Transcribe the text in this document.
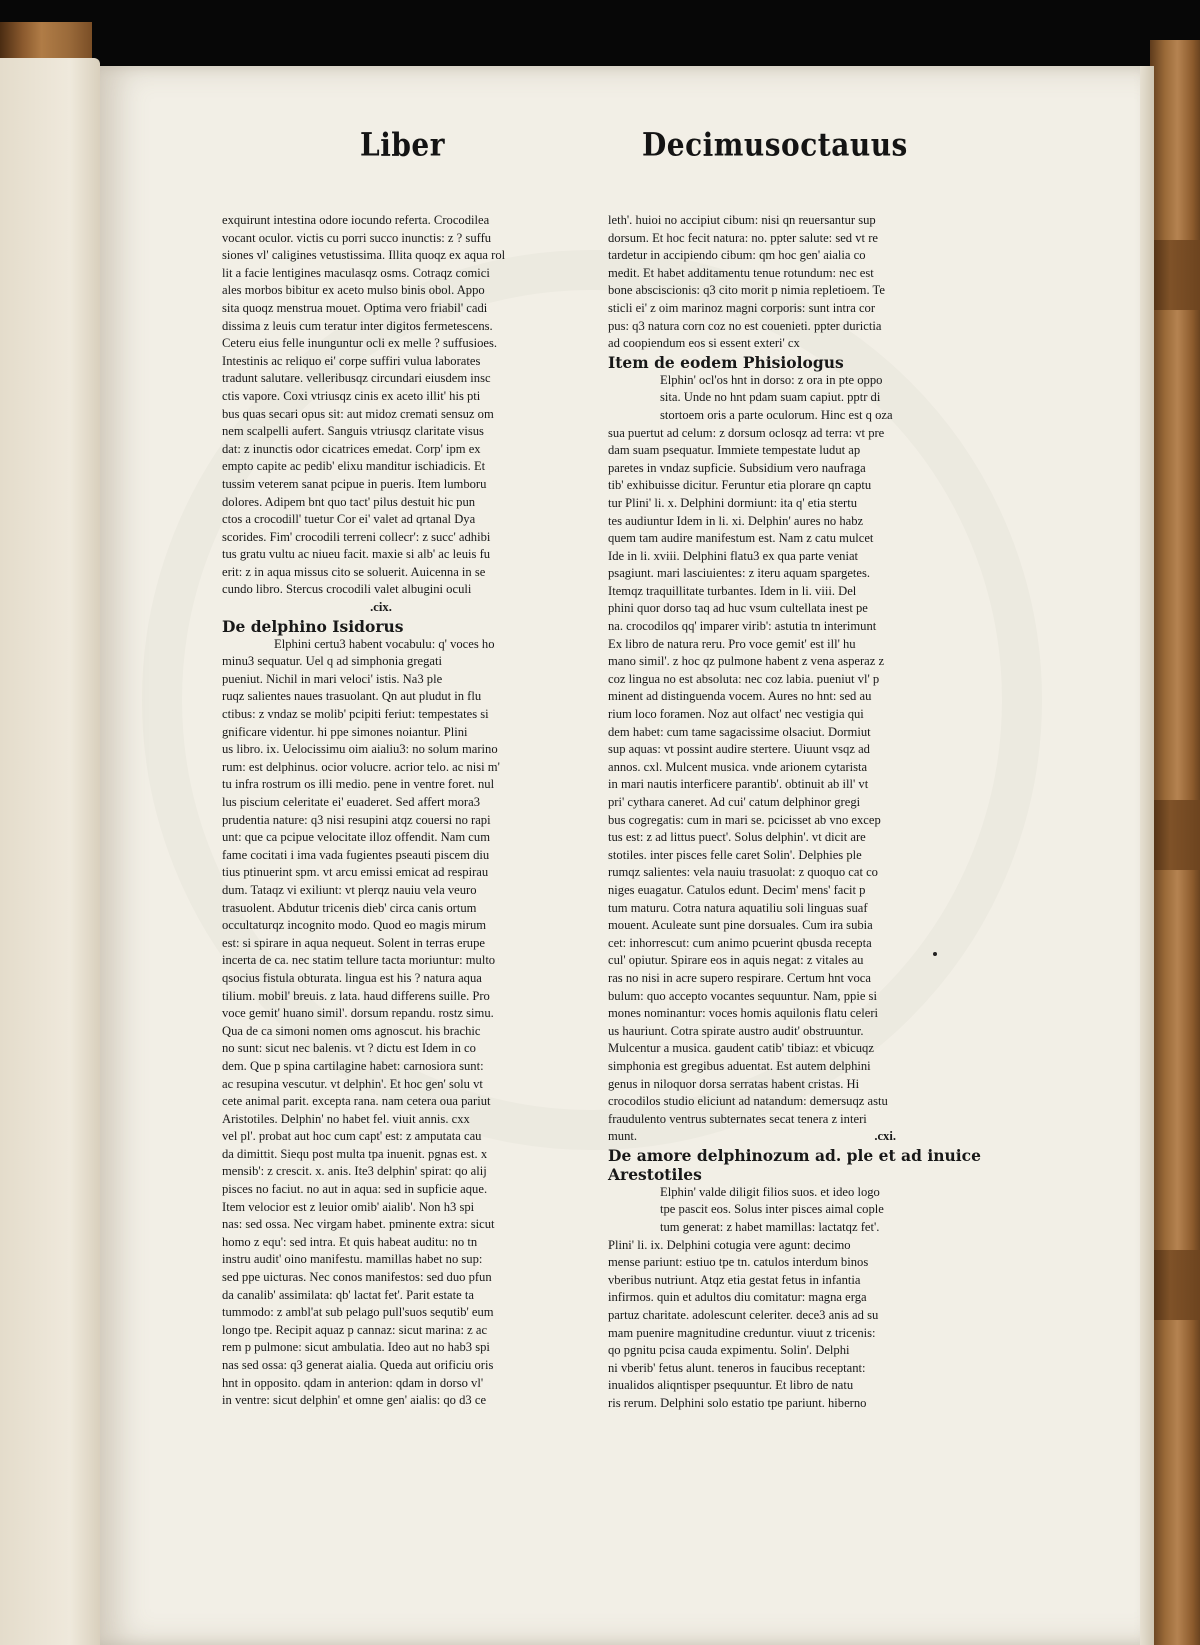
Liber	Decimusoctauus
exquirunt intestina odore iocundo referta. Crocodilea
vocant oculor. victis cu porri succo inunctis: z ? suffu
siones vl' caligines vetustissima. Illita quoqz ex aqua rol
lit a facie lentigines maculasqz osms. Cotraqz comici
ales morbos bibitur ex aceto mulso binis obol. Appo
sita quoqz menstrua mouet. Optima vero friabil' cadi
dissima z leuis cum teratur inter digitos fermetescens.
Ceteru eius felle inunguntur ocli ex melle ? suffusioes.
Intestinis ac reliquo ei' corpe suffiri vulua laborates
tradunt salutare. velleribusqz circundari eiusdem insc
ctis vapore. Coxi vtriusqz cinis ex aceto illit' his pti
bus quas secari opus sit: aut midoz cremati sensuz om
nem scalpelli aufert. Sanguis vtriusqz claritate visus
dat: z inunctis odor cicatrices emedat. Corp' ipm ex
empto capite ac pedib' elixu manditur ischiadicis. Et
tussim veterem sanat pcipue in pueris. Item lumboru
dolores. Adipem bnt quo tact' pilus destuit hic pun
ctos a crocodill' tuetur Cor ei' valet ad qrtanal Dya
scorides. Fim' crocodili terreni collecr': z succ' adhibi
tus gratu vultu ac niueu facit. maxie si alb' ac leuis fu
erit: z in aqua missus cito se soluerit. Auicenna in se
cundo libro. Stercus crocodili valet albugini oculi
.cix.
De delphino Isidorus
Elphini certu3 habent vocabulu: q' voces ho
minu3 sequatur. Uel q ad simphonia gregati
pueniut. Nichil in mari veloci' istis. Na3 ple
ruqz salientes naues trasuolant. Qn aut pludut in flu
ctibus: z vndaz se molib' pcipiti feriut: tempestates si
gnificare videntur. hi ppe simones noiantur. Plini
us libro. ix. Uelocissimu oim aialiu3: no solum marino
rum: est delphinus. ocior volucre. acrior telo. ac nisi m'
tu infra rostrum os illi medio. pene in ventre foret. nul
lus piscium celeritate ei' euaderet. Sed affert mora3
prudentia nature: q3 nisi resupini atqz couersi no rapi
unt: que ca pcipue velocitate illoz offendit. Nam cum
fame cocitati i ima vada fugientes pseauti piscem diu
tius ptinuerint spm. vt arcu emissi emicat ad respirau
dum. Tataqz vi exiliunt: vt plerqz nauiu vela veuro
trasuolent. Abdutur tricenis dieb' circa canis ortum
occultaturqz incognito modo. Quod eo magis mirum
est: si spirare in aqua nequeut. Solent in terras erupe
incerta de ca. nec statim tellure tacta moriuntur: multo
qsocius fistula obturata. lingua est his ? natura aqua
tilium. mobil' breuis. z lata. haud differens suille. Pro
voce gemit' huano simil'. dorsum repandu. rostz simu.
Qua de ca simoni nomen oms agnoscut. his brachic
no sunt: sicut nec balenis. vt ? dictu est Idem in co
dem. Que p spina cartilagine habet: carnosiora sunt:
ac resupina vescutur. vt delphin'. Et hoc gen' solu vt
cete animal parit. excepta rana. nam cetera oua pariut
Aristotiles. Delphin' no habet fel. viuit annis. cxx
vel pl'. probat aut hoc cum capt' est: z amputata cau
da dimittit. Siequ post multa tpa inuenit. pgnas est. x
mensib': z crescit. x. anis. Ite3 delphin' spirat: qo alij
pisces no faciut. no aut in aqua: sed in supficie aque.
Item velocior est z leuior omib' aialib'. Non h3 spi
nas: sed ossa. Nec virgam habet. pminente extra: sicut
homo z equ': sed intra. Et quis habeat auditu: no tn
instru audit' oino manifestu. mamillas habet no sup:
sed ppe uicturas. Nec conos manifestos: sed duo pfun
da canalib' assimilata: qb' lactat fet'. Parit estate ta
tummodo: z ambl'at sub pelago pull'suos sequtib' eum
longo tpe. Recipit aquaz p cannaz: sicut marina: z ac
rem p pulmone: sicut ambulatia. Ideo aut no hab3 spi
nas sed ossa: q3 generat aialia. Queda aut orificiu oris
hnt in opposito. qdam in anterion: qdam in dorso vl'
in ventre: sicut delphin' et omne gen' aialis: qo d3 ce
leth'. huioi no accipiut cibum: nisi qn reuersantur sup
dorsum. Et hoc fecit natura: no. ppter salute: sed vt re
tardetur in accipiendo cibum: qm hoc gen' aialia co
medit. Et habet additamentu tenue rotundum: nec est
bone absciscionis: q3 cito morit p nimia repletioem. Te
sticli ei' z oim marinoz magni corporis: sunt intra cor
pus: q3 natura corn coz no est couenieti. ppter durictia
ad coopiendum eos si essent exteri' cx
Item de eodem Phisiologus
Elphin' ocl'os hnt in dorso: z ora in pte oppo
sita. Unde no hnt pdam suam capiut. pptr di
stortoem oris a parte oculorum. Hinc est q oza
sua puertut ad celum: z dorsum oclosqz ad terra: vt pre
dam suam psequatur. Immiete tempestate ludut ap
paretes in vndaz supficie. Subsidium vero naufraga
tib' exhibuisse dicitur. Feruntur etia plorare qn captu
tur Plini' li. x. Delphini dormiunt: ita q' etia stertu
tes audiuntur Idem in li. xi. Delphin' aures no habz
quem tam audire manifestum est. Nam z catu mulcet
Ide in li. xviii. Delphini flatu3 ex qua parte veniat
psagiunt. mari lasciuientes: z iteru aquam spargetes.
Itemqz traquillitate turbantes. Idem in li. viii. Del
phini quor dorso taq ad huc vsum cultellata inest pe
na. crocodilos qq' imparer virib': astutia tn interimunt
Ex libro de natura reru. Pro voce gemit' est ill' hu
mano simil'. z hoc qz pulmone habent z vena asperaz z
coz lingua no est absoluta: nec coz labia. pueniut vl' p
minent ad distinguenda vocem. Aures no hnt: sed au
rium loco foramen. Noz aut olfact' nec vestigia qui
dem habet: cum tame sagacissime olsaciut. Dormiut
sup aquas: vt possint audire stertere. Uiuunt vsqz ad
annos. cxl. Mulcent musica. vnde arionem cytarista
in mari nautis interficere parantib'. obtinuit ab ill' vt
pri' cythara caneret. Ad cui' catum delphinor gregi
bus cogregatis: cum in mari se. pcicisset ab vno excep
tus est: z ad littus puect'. Solus delphin'. vt dicit are
stotiles. inter pisces felle caret Solin'. Delphies ple
rumqz salientes: vela nauiu trasuolat: z quoquo cat co
niges euagatur. Catulos edunt. Decim' mens' facit p
tum maturu. Cotra natura aquatiliu soli linguas suaf
mouent. Aculeate sunt pine dorsuales. Cum ira subia
cet: inhorrescut: cum animo pcuerint qbusda recepta
cul' opiutur. Spirare eos in aquis negat: z vitales au
ras no nisi in acre supero respirare. Certum hnt voca
bulum: quo accepto vocantes sequuntur. Nam, ppie si
mones nominantur: voces homis aquilonis flatu celeri
us hauriunt. Cotra spirate austro audit' obstruuntur.
Mulcentur a musica. gaudent catib' tibiaz: et vbicuqz
simphonia est gregibus aduentat. Est autem delphini
genus in niloquor dorsa serratas habent cristas. Hi
crocodilos studio eliciunt ad natandum: demersuqz astu
fraudulento ventrus subternates secat tenera z interi
munt.	.cxi.
De amore delphinozum ad. ple et ad inuice
Arestotiles
Elphin' valde diligit filios suos. et ideo logo
tpe pascit eos. Solus inter pisces aimal cople
tum generat: z habet mamillas: lactatqz fet'.
Plini' li. ix. Delphini cotugia vere agunt: decimo
mense pariunt: estiuo tpe tn. catulos interdum binos
vberibus nutriunt. Atqz etia gestat fetus in infantia
infirmos. quin et adultos diu comitatur: magna erga
partuz charitate. adolescunt celeriter. dece3 anis ad su
mam puenire magnitudine creduntur. viuut z tricenis:
qo pgnitu pcisa cauda expimentu. Solin'. Delphi
ni vberib' fetus alunt. teneros in faucibus receptant:
inualidos aliqntisper psequuntur. Et libro de natu
ris rerum. Delphini solo estatio tpe pariunt. hiberno
